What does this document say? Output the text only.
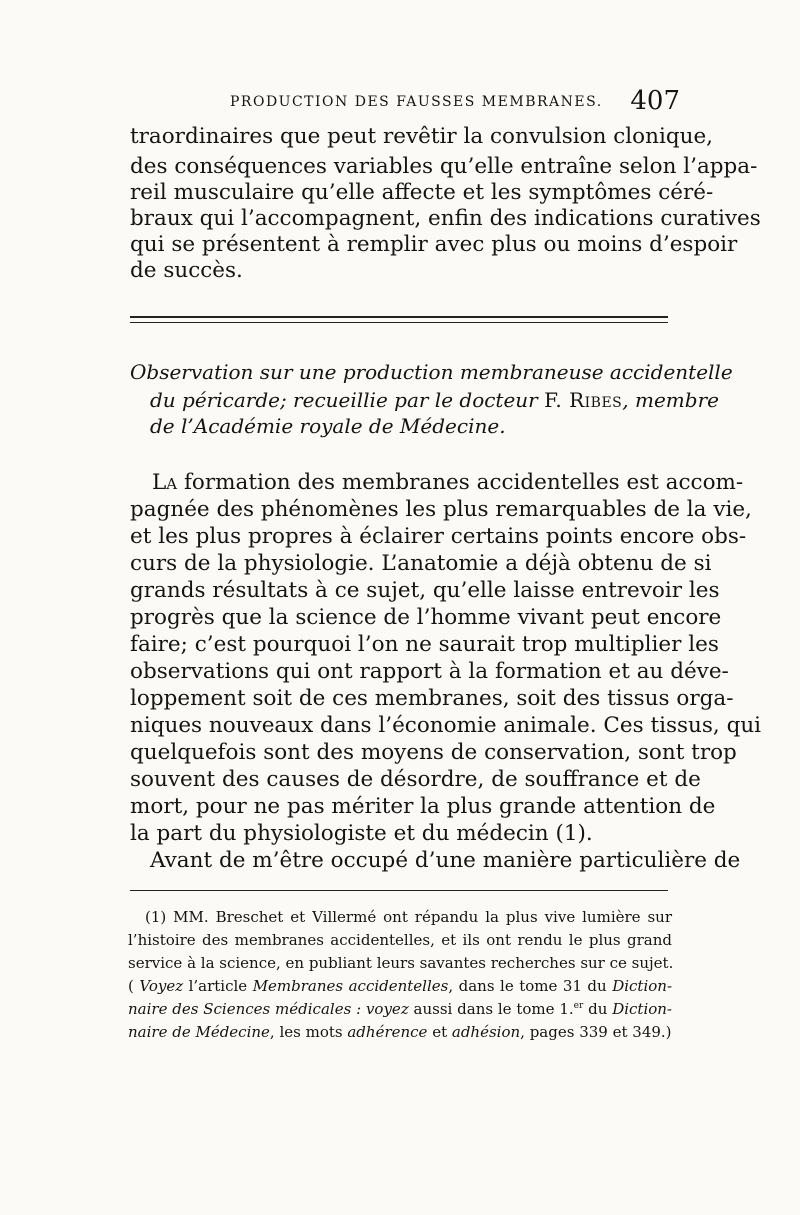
PRODUCTION DES FAUSSES MEMBRANES. 407
traordinaires que peut revêtir la convulsion clonique,
des conséquences variables qu’elle entraîne selon l’appa-
reil musculaire qu’elle affecte et les symptômes céré-
braux qui l’accompagnent, enfin des indications curatives
qui se présentent à remplir avec plus ou moins d’espoir
de succès.
Observation sur une production membraneuse accidentelle
du péricarde; recueillie par le docteur F. Ribes, membre
de l’Académie royale de Médecine.
La formation des membranes accidentelles est accom-
pagnée des phénomènes les plus remarquables de la vie,
et les plus propres à éclairer certains points encore obs-
curs de la physiologie. L’anatomie a déjà obtenu de si
grands résultats à ce sujet, qu’elle laisse entrevoir les
progrès que la science de l’homme vivant peut encore
faire; c’est pourquoi l’on ne saurait trop multiplier les
observations qui ont rapport à la formation et au déve-
loppement soit de ces membranes, soit des tissus orga-
niques nouveaux dans l’économie animale. Ces tissus, qui
quelquefois sont des moyens de conservation, sont trop
souvent des causes de désordre, de souffrance et de
mort, pour ne pas mériter la plus grande attention de
la part du physiologiste et du médecin (1).
Avant de m’être occupé d’une manière particulière de
(1) MM. Breschet et Villermé ont répandu la plus vive lumière sur
l’histoire des membranes accidentelles, et ils ont rendu le plus grand
service à la science, en publiant leurs savantes recherches sur ce sujet.
( Voyez l’article Membranes accidentelles, dans le tome 31 du Diction-
naire des Sciences médicales : voyez aussi dans le tome 1.$^{er}$ du Diction-
naire de Médecine, les mots adhérence et adhésion, pages 339 et 349.)
